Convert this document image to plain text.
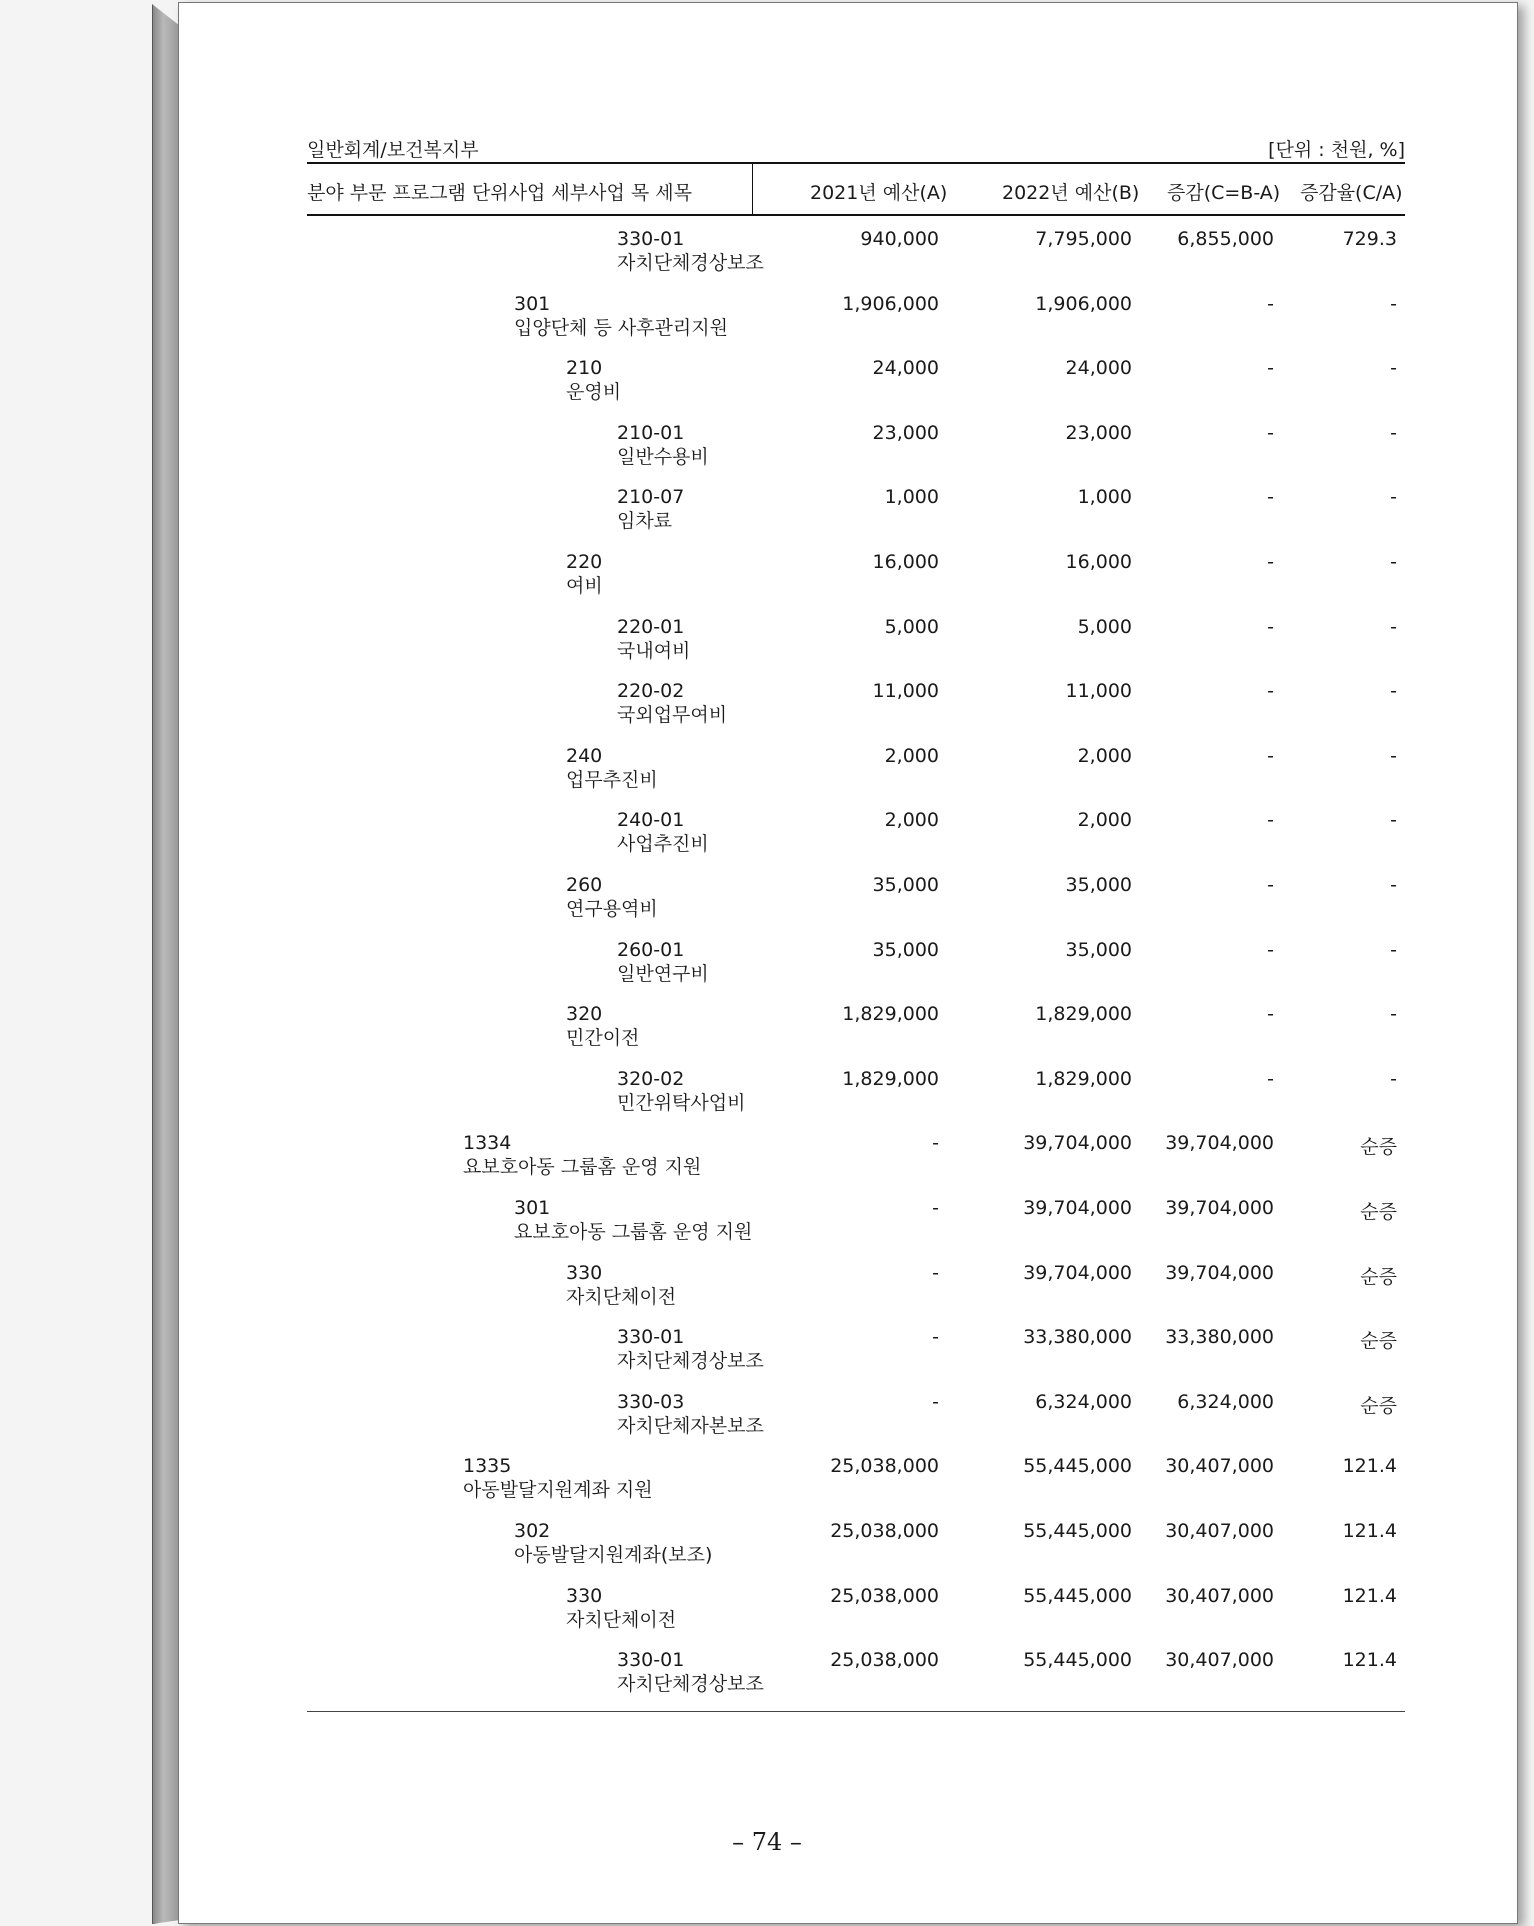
일반회계/보건복지부	[단위 : 천원, %]
분야 부문 프로그램 단위사업 세부사업 목 세목	2021년 예산(A)	2022년 예산(B) 증감(C=B-A) 증감율(C/A)
330-01
자치단체경상보조
940,000	7,795,000 6,855,000	729.3
301
입양단체 등 사후관리지원
1,906,000	1,906,000	-	-
210
운영비
24,000	24,000	-	-
210-01
일반수용비
23,000	23,000	-	-
210-07
임차료
1,000	1,000	-	-
220
여비
16,000	16,000	-	-
220-01
국내여비
5,000	5,000	-	-
220-02
국외업무여비
11,000	11,000	-	-
240
업무추진비
2,000	2,000	-	-
240-01
사업추진비
2,000	2,000	-	-
260
연구용역비
35,000	35,000	-	-
260-01
일반연구비
35,000	35,000	-	-
320
민간이전
1,829,000	1,829,000	-	-
320-02
민간위탁사업비
1,829,000	1,829,000	-	-
1334
요보호아동 그룹홈 운영 지원
-	39,704,000 39,704,000	순증
301
요보호아동 그룹홈 운영 지원
-	39,704,000 39,704,000	순증
330
자치단체이전
-	39,704,000 39,704,000	순증
330-01
자치단체경상보조
-	33,380,000 33,380,000	순증
330-03
자치단체자본보조
-	6,324,000 6,324,000	순증
1335
아동발달지원계좌 지원
25,038,000	55,445,000 30,407,000	121.4
302
아동발달지원계좌(보조)
25,038,000	55,445,000 30,407,000	121.4
330
자치단체이전
25,038,000	55,445,000 30,407,000	121.4
330-01
자치단체경상보조
25,038,000	55,445,000 30,407,000	121.4
– 74 –
